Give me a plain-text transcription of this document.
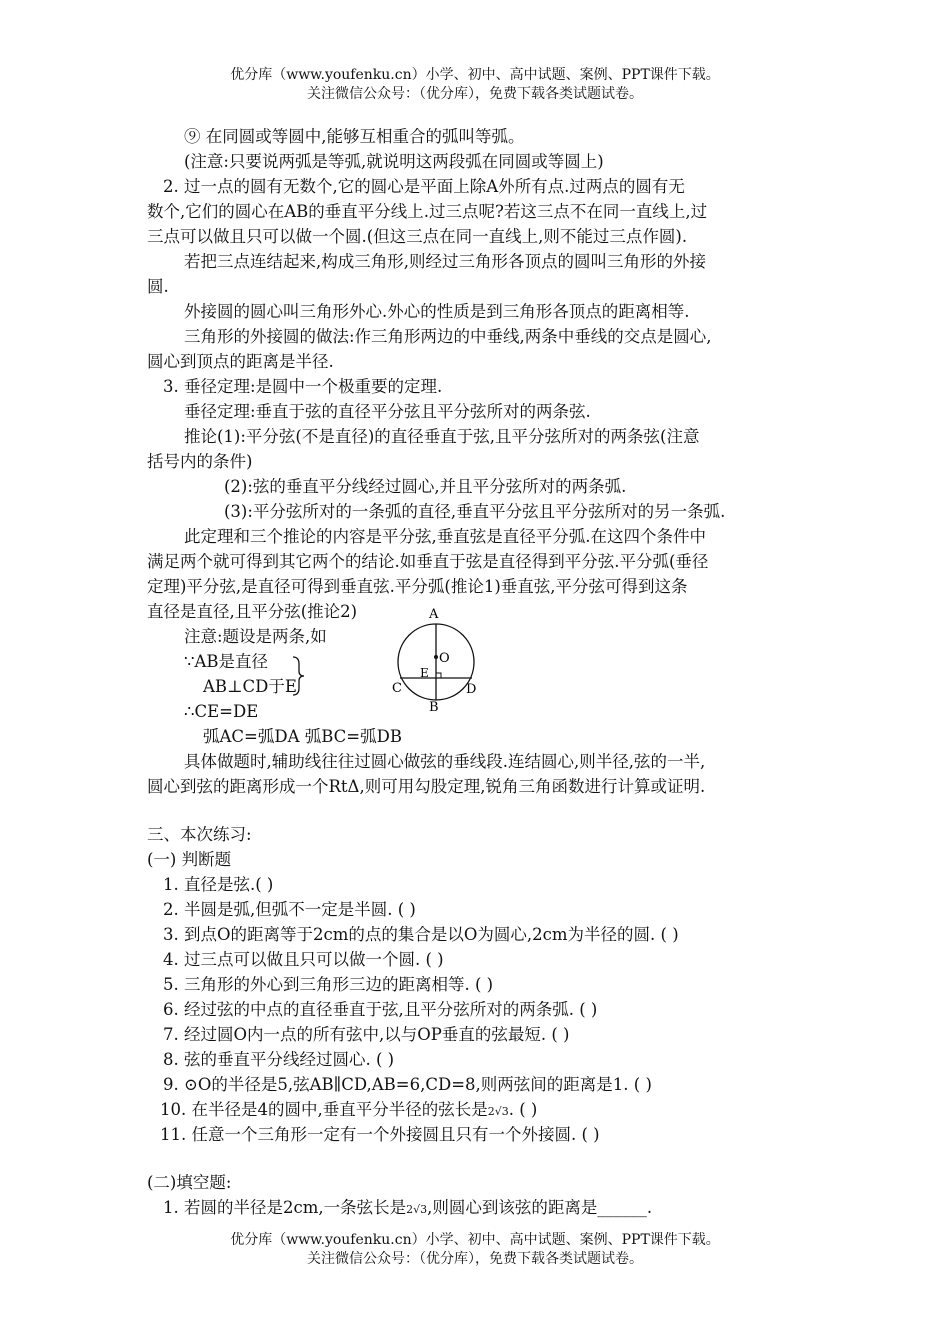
优分库（www.youfenku.cn）小学、初中、高中试题、案例、PPT课件下载。
关注微信公众号：（优分库），免费下载各类试题试卷。
⑨ 在同圆或等圆中,能够互相重合的弧叫等弧。
(注意:只要说两弧是等弧,就说明这两段弧在同圆或等圆上)
2. 过一点的圆有无数个,它的圆心是平面上除A外所有点.过两点的圆有无
数个,它们的圆心在AB的垂直平分线上.过三点呢?若这三点不在同一直线上,过
三点可以做且只可以做一个圆.(但这三点在同一直线上,则不能过三点作圆).
若把三点连结起来,构成三角形,则经过三角形各顶点的圆叫三角形的外接
圆.
外接圆的圆心叫三角形外心.外心的性质是到三角形各顶点的距离相等.
三角形的外接圆的做法:作三角形两边的中垂线,两条中垂线的交点是圆心,
圆心到顶点的距离是半径.
3. 垂径定理:是圆中一个极重要的定理.
垂径定理:垂直于弦的直径平分弦且平分弦所对的两条弦.
推论(1):平分弦(不是直径)的直径垂直于弦,且平分弦所对的两条弦(注意
括号内的条件)
(2):弦的垂直平分线经过圆心,并且平分弦所对的两条弧.
(3):平分弦所对的一条弧的直径,垂直平分弦且平分弦所对的另一条弧.
此定理和三个推论的内容是平分弦,垂直弦是直径平分弧.在这四个条件中
满足两个就可得到其它两个的结论.如垂直于弦是直径得到平分弦.平分弧(垂径
定理)平分弦,是直径可得到垂直弦.平分弧(推论1)垂直弦,平分弦可得到这条
直径是直径,且平分弦(推论2)
注意:题设是两条,如
∵AB是直径
AB⊥CD于E
∴CE=DE
弧AC=弧DA 弧BC=弧DB
具体做题时,辅助线往往过圆心做弦的垂线段.连结圆心,则半径,弦的一半,
圆心到弦的距离形成一个RtΔ,则可用勾股定理,锐角三角函数进行计算或证明.
A
O
E
C	D
B
三、本次练习:
(一) 判断题
1. 直径是弦.( )
2. 半圆是弧,但弧不一定是半圆. ( )
3. 到点O的距离等于2cm的点的集合是以O为圆心,2cm为半径的圆. ( )
4. 过三点可以做且只可以做一个圆. ( )
5. 三角形的外心到三角形三边的距离相等. ( )
6. 经过弦的中点的直径垂直于弦,且平分弦所对的两条弧. ( )
7. 经过圆O内一点的所有弦中,以与OP垂直的弦最短. ( )
8. 弦的垂直平分线经过圆心. ( )
9. ⊙O的半径是5,弦AB∥CD,AB=6,CD=8,则两弦间的距离是1. ( )
10. 在半径是4的圆中,垂直平分半径的弦长是2√3. ( )
11. 任意一个三角形一定有一个外接圆且只有一个外接圆. ( )
(二)填空题:
1. 若圆的半径是2cm,一条弦长是2√3,则圆心到该弦的距离是______.
优分库（www.youfenku.cn）小学、初中、高中试题、案例、PPT课件下载。
关注微信公众号：（优分库），免费下载各类试题试卷。
